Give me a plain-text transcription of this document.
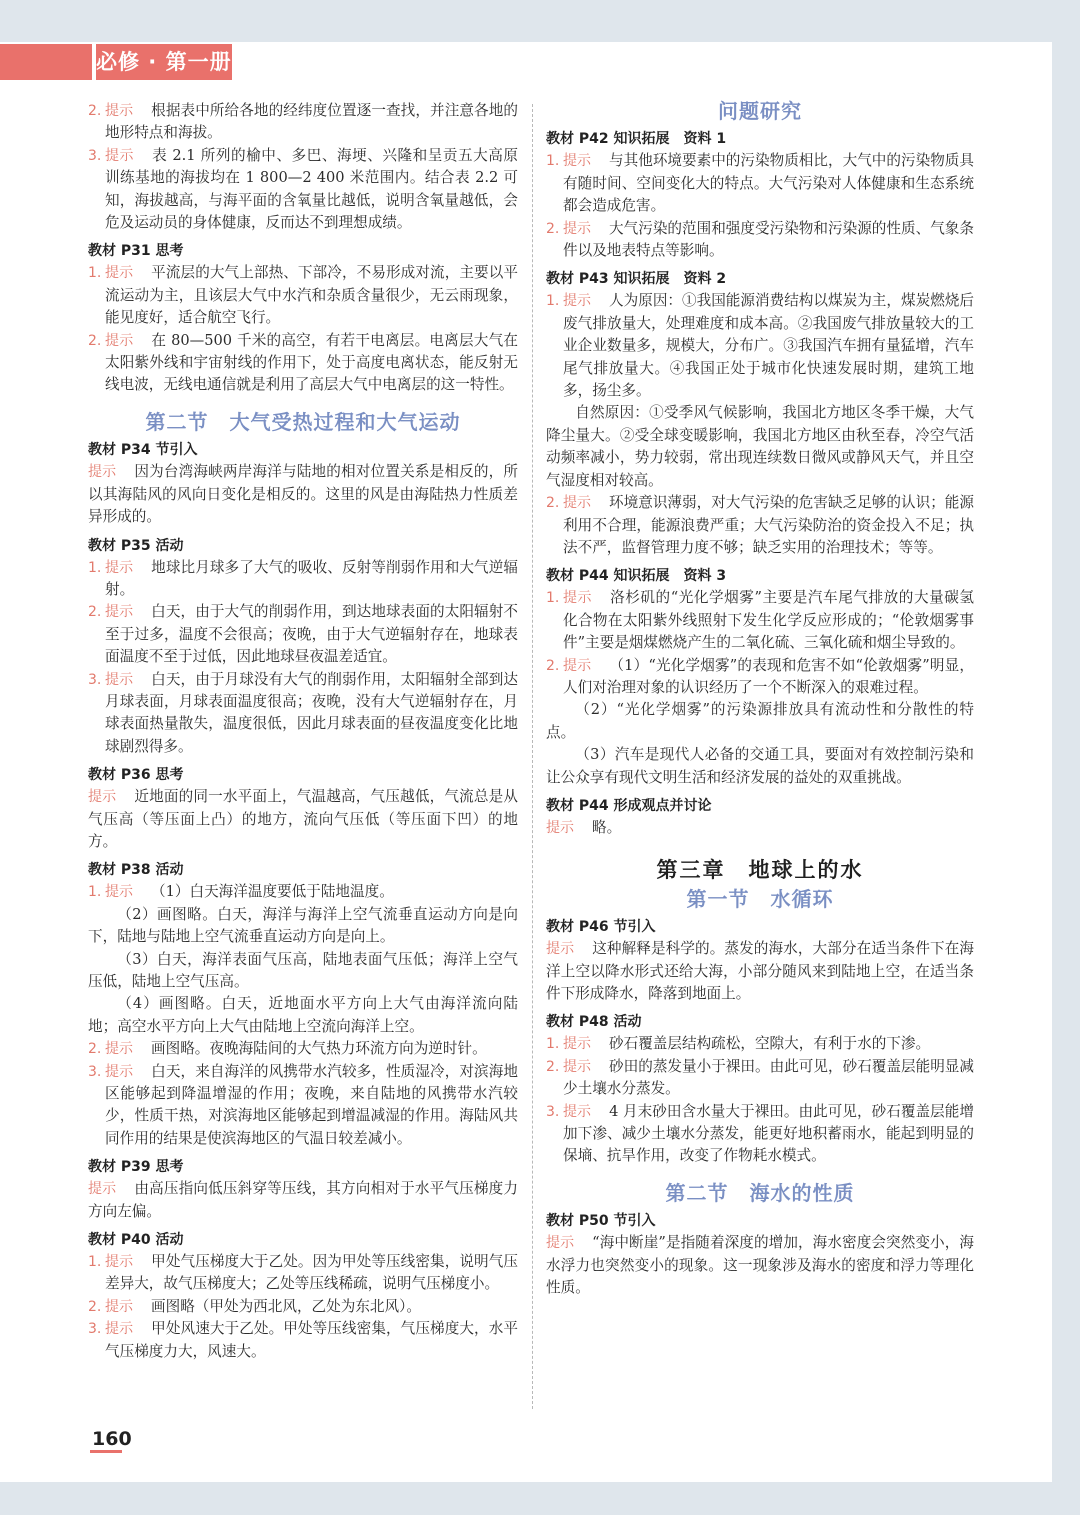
必修 · 第一册
2. 提示 根据表中所给各地的经纬度位置逐一查找，并注意各地的地形特点和海拔。
3. 提示 表 2.1 所列的榆中、多巴、海埂、兴隆和呈贡五大高原训练基地的海拔均在 1 800—2 400 米范围内。结合表 2.2 可知，海拔越高，与海平面的含氧量比越低，说明含氧量越低，会危及运动员的身体健康，反而达不到理想成绩。
教材 P31 思考
1. 提示 平流层的大气上部热、下部冷，不易形成对流，主要以平流运动为主，且该层大气中水汽和杂质含量很少，无云雨现象，能见度好，适合航空飞行。
2. 提示 在 80—500 千米的高空，有若干电离层。电离层大气在太阳紫外线和宇宙射线的作用下，处于高度电离状态，能反射无线电波，无线电通信就是利用了高层大气中电离层的这一特性。
第二节　大气受热过程和大气运动
教材 P34 节引入
提示 因为台湾海峡两岸海洋与陆地的相对位置关系是相反的，所以其海陆风的风向日变化是相反的。这里的风是由海陆热力性质差异形成的。
教材 P35 活动
1. 提示 地球比月球多了大气的吸收、反射等削弱作用和大气逆辐射。
2. 提示 白天，由于大气的削弱作用，到达地球表面的太阳辐射不至于过多，温度不会很高；夜晚，由于大气逆辐射存在，地球表面温度不至于过低，因此地球昼夜温差适宜。
3. 提示 白天，由于月球没有大气的削弱作用，太阳辐射全部到达月球表面，月球表面温度很高；夜晚，没有大气逆辐射存在，月球表面热量散失，温度很低，因此月球表面的昼夜温度变化比地球剧烈得多。
教材 P36 思考
提示 近地面的同一水平面上，气温越高，气压越低，气流总是从气压高（等压面上凸）的地方，流向气压低（等压面下凹）的地方。
教材 P38 活动
1. 提示 （1）白天海洋温度要低于陆地温度。
（2）画图略。白天，海洋与海洋上空气流垂直运动方向是向下，陆地与陆地上空气流垂直运动方向是向上。
（3）白天，海洋表面气压高，陆地表面气压低；海洋上空气压低，陆地上空气压高。
（4）画图略。白天，近地面水平方向上大气由海洋流向陆地；高空水平方向上大气由陆地上空流向海洋上空。
2. 提示 画图略。夜晚海陆间的大气热力环流方向为逆时针。
3. 提示 白天，来自海洋的风携带水汽较多，性质湿冷，对滨海地区能够起到降温增湿的作用；夜晚，来自陆地的风携带水汽较少，性质干热，对滨海地区能够起到增温减湿的作用。海陆风共同作用的结果是使滨海地区的气温日较差减小。
教材 P39 思考
提示 由高压指向低压斜穿等压线，其方向相对于水平气压梯度力方向左偏。
教材 P40 活动
1. 提示 甲处气压梯度大于乙处。因为甲处等压线密集，说明气压差异大，故气压梯度大；乙处等压线稀疏，说明气压梯度小。
2. 提示 画图略（甲处为西北风，乙处为东北风）。
3. 提示 甲处风速大于乙处。甲处等压线密集，气压梯度大，水平气压梯度力大，风速大。
问题研究
教材 P42 知识拓展　资料 1
1. 提示 与其他环境要素中的污染物质相比，大气中的污染物质具有随时间、空间变化大的特点。大气污染对人体健康和生态系统都会造成危害。
2. 提示 大气污染的范围和强度受污染物和污染源的性质、气象条件以及地表特点等影响。
教材 P43 知识拓展　资料 2
1. 提示 人为原因：①我国能源消费结构以煤炭为主，煤炭燃烧后废气排放量大，处理难度和成本高。②我国废气排放量较大的工业企业数量多，规模大，分布广。③我国汽车拥有量猛增，汽车尾气排放量大。④我国正处于城市化快速发展时期，建筑工地多，扬尘多。
自然原因：①受季风气候影响，我国北方地区冬季干燥，大气降尘量大。②受全球变暖影响，我国北方地区由秋至春，冷空气活动频率减小，势力较弱，常出现连续数日微风或静风天气，并且空气湿度相对较高。
2. 提示 环境意识薄弱，对大气污染的危害缺乏足够的认识；能源利用不合理，能源浪费严重；大气污染防治的资金投入不足；执法不严，监督管理力度不够；缺乏实用的治理技术；等等。
教材 P44 知识拓展　资料 3
1. 提示 洛杉矶的“光化学烟雾”主要是汽车尾气排放的大量碳氢化合物在太阳紫外线照射下发生化学反应形成的；“伦敦烟雾事件”主要是烟煤燃烧产生的二氧化硫、三氧化硫和烟尘导致的。
2. 提示 （1）“光化学烟雾”的表现和危害不如“伦敦烟雾”明显，人们对治理对象的认识经历了一个不断深入的艰难过程。
（2）“光化学烟雾”的污染源排放具有流动性和分散性的特点。
（3）汽车是现代人必备的交通工具，要面对有效控制污染和让公众享有现代文明生活和经济发展的益处的双重挑战。
教材 P44 形成观点并讨论
提示 略。
第三章　地球上的水
第一节　水循环
教材 P46 节引入
提示 这种解释是科学的。蒸发的海水，大部分在适当条件下在海洋上空以降水形式还给大海，小部分随风来到陆地上空，在适当条件下形成降水，降落到地面上。
教材 P48 活动
1. 提示 砂石覆盖层结构疏松，空隙大，有利于水的下渗。
2. 提示 砂田的蒸发量小于裸田。由此可见，砂石覆盖层能明显减少土壤水分蒸发。
3. 提示 4 月末砂田含水量大于裸田。由此可见，砂石覆盖层能增加下渗、减少土壤水分蒸发，能更好地积蓄雨水，能起到明显的保墒、抗旱作用，改变了作物耗水模式。
第二节　海水的性质
教材 P50 节引入
提示 “海中断崖”是指随着深度的增加，海水密度会突然变小，海水浮力也突然变小的现象。这一现象涉及海水的密度和浮力等理化性质。
160
